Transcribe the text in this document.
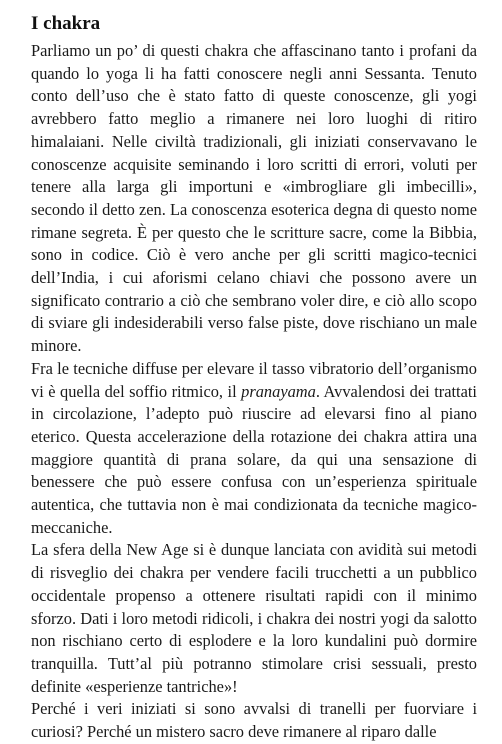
I chakra

Parliamo un po’ di questi chakra che affascinano tanto i profani da quando lo yoga li ha fatti conoscere negli anni Sessanta. Tenuto conto dell’uso che è stato fatto di queste conoscenze, gli yogi avrebbero fatto meglio a rimanere nei loro luoghi di ritiro himalaiani. Nelle civiltà tradizionali, gli iniziati conservavano le conoscenze acquisite seminando i loro scritti di errori, voluti per tenere alla larga gli importuni e «imbrogliare gli imbecilli», secondo il detto zen. La conoscenza esoterica degna di questo nome rimane segreta. È per questo che le scritture sacre, come la Bibbia, sono in codice. Ciò è vero anche per gli scritti magico-tecnici dell’India, i cui aforismi celano chiavi che possono avere un significato contrario a ciò che sembrano voler dire, e ciò allo scopo di sviare gli indesiderabili verso false piste, dove rischiano un male minore.

Fra le tecniche diffuse per elevare il tasso vibratorio dell’organismo vi è quella del soffio ritmico, il pranayama. Avvalendosi dei trattati in circolazione, l’adepto può riuscire ad elevarsi fino al piano eterico. Questa accelerazione della rotazione dei chakra attira una maggiore quantità di prana solare, da qui una sensazione di benessere che può essere confusa con un’esperienza spirituale autentica, che tuttavia non è mai condizionata da tecniche magico-meccaniche.

La sfera della New Age si è dunque lanciata con avidità sui metodi di risveglio dei chakra per vendere facili trucchetti a un pubblico occidentale propenso a ottenere risultati rapidi con il minimo sforzo. Dati i loro metodi ridicoli, i chakra dei nostri yogi da salotto non rischiano certo di esplodere e la loro kundalini può dormire tranquilla. Tutt’al più potranno stimolare crisi sessuali, presto definite «esperienze tantriche»!

Perché i veri iniziati si sono avvalsi di tranelli per fuorviare i curiosi? Perché un mistero sacro deve rimanere al riparo dalle
